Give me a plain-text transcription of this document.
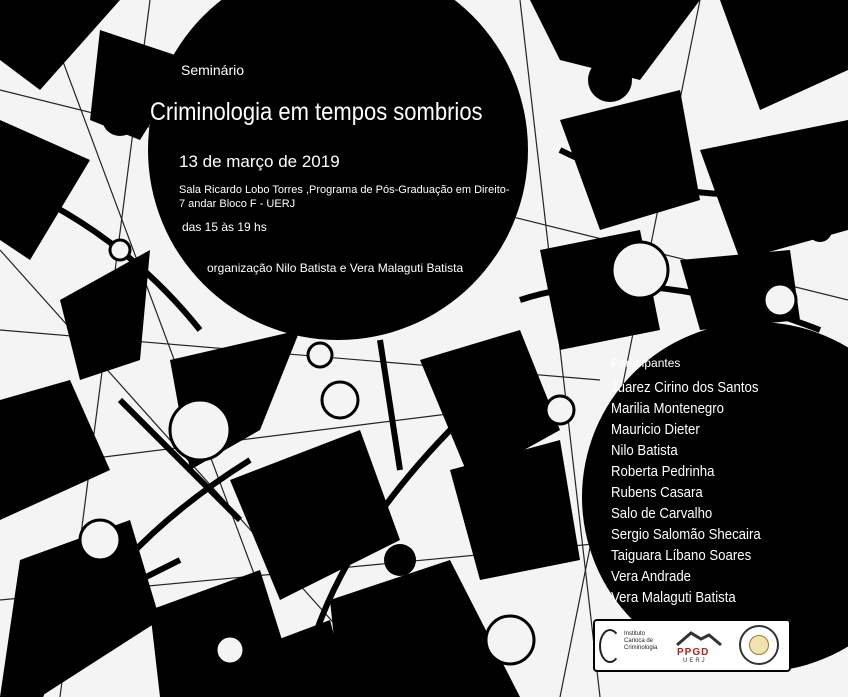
Seminário
Criminologia em tempos sombrios
13 de março de 2019
Sala Ricardo Lobo Torres ,Programa de Pós-Graduação em Direito-
7 andar Bloco F - UERJ
das 15 às 19 hs
organização Nilo Batista e Vera Malaguti Batista
Participantes
Juarez Cirino dos Santos
Marilia Montenegro
Mauricio Dieter
Nilo Batista
Roberta Pedrinha
Rubens Casara
Salo de Carvalho
Sergio Salomão Shecaira
Taiguara Líbano Soares
Vera Andrade
Vera Malaguti Batista
Instituto Carioca de Criminologia	PPGD
UERJ
